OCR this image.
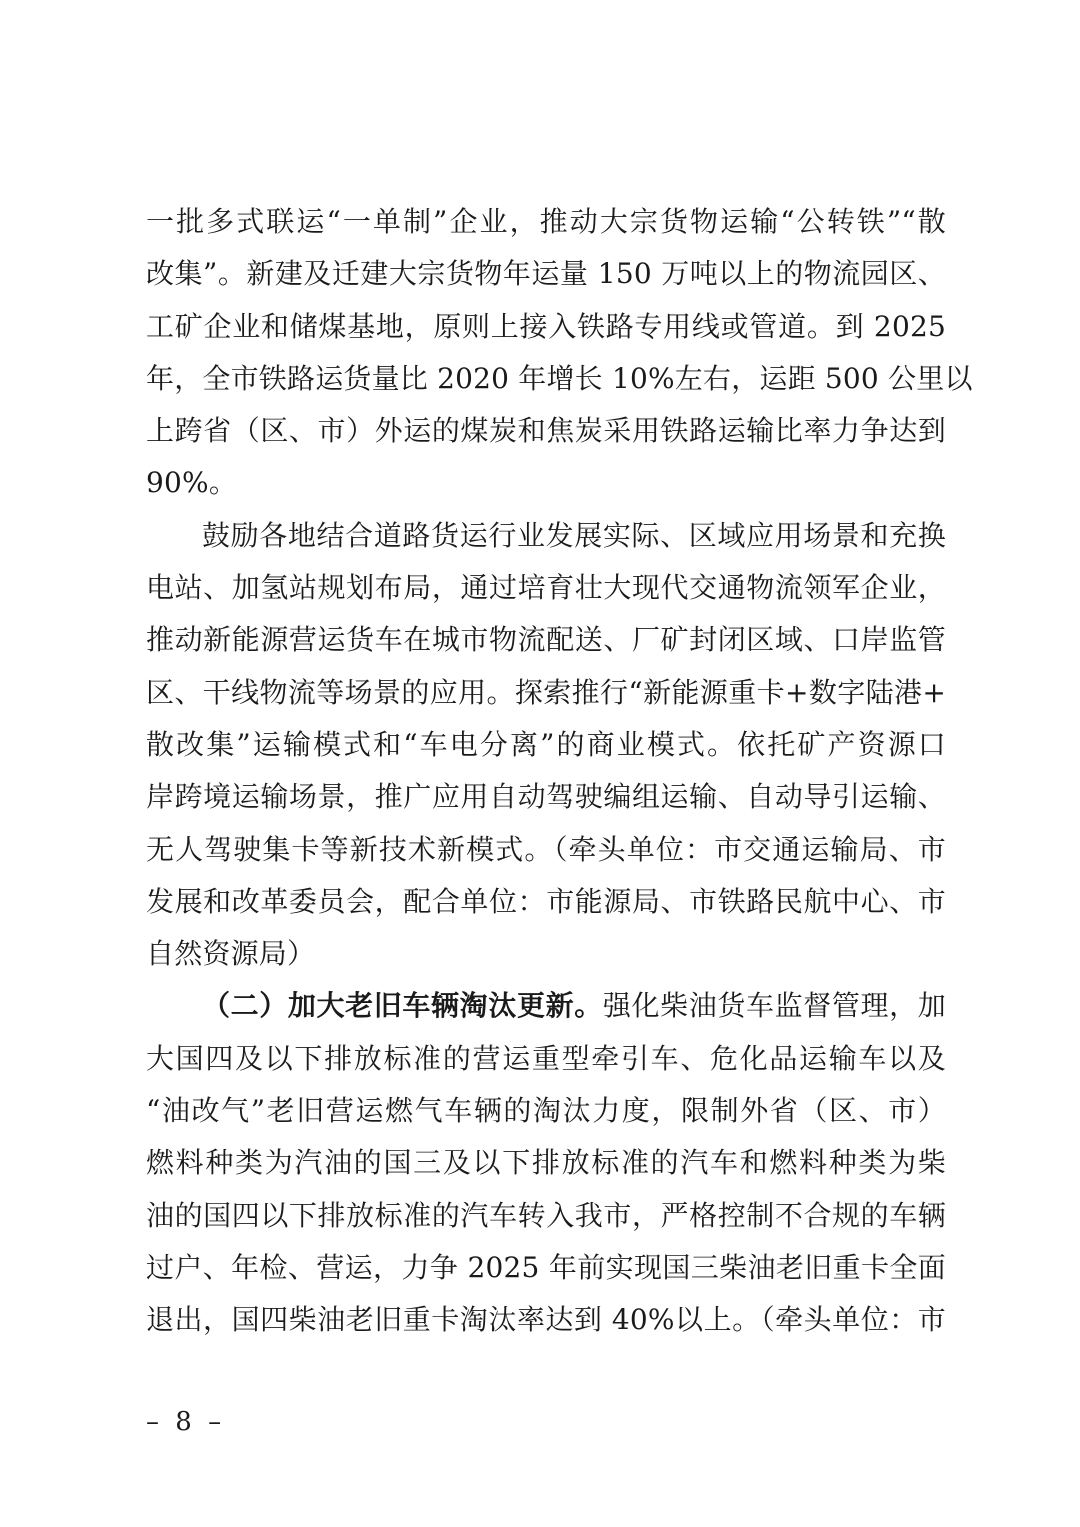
一批多式联运“一单制”企业，推动大宗货物运输“公转铁”“散
改集”。新建及迁建大宗货物年运量 150 万吨以上的物流园区、
工矿企业和储煤基地，原则上接入铁路专用线或管道。到 2025
年，全市铁路运货量比 2020 年增长 10%左右，运距 500 公里以
上跨省（区、市）外运的煤炭和焦炭采用铁路运输比率力争达到
90%。
鼓励各地结合道路货运行业发展实际、区域应用场景和充换
电站、加氢站规划布局，通过培育壮大现代交通物流领军企业，
推动新能源营运货车在城市物流配送、厂矿封闭区域、口岸监管
区、干线物流等场景的应用。探索推行“新能源重卡+数字陆港+
散改集”运输模式和“车电分离”的商业模式。依托矿产资源口
岸跨境运输场景，推广应用自动驾驶编组运输、自动导引运输、
无人驾驶集卡等新技术新模式。（牵头单位：市交通运输局、市
发展和改革委员会，配合单位：市能源局、市铁路民航中心、市
自然资源局）
（二）加大老旧车辆淘汰更新。强化柴油货车监督管理，加
大国四及以下排放标准的营运重型牵引车、危化品运输车以及
“油改气”老旧营运燃气车辆的淘汰力度，限制外省（区、市）
燃料种类为汽油的国三及以下排放标准的汽车和燃料种类为柴
油的国四以下排放标准的汽车转入我市，严格控制不合规的车辆
过户、年检、营运，力争 2025 年前实现国三柴油老旧重卡全面
退出，国四柴油老旧重卡淘汰率达到 40%以上。（牵头单位：市
– 8 –
